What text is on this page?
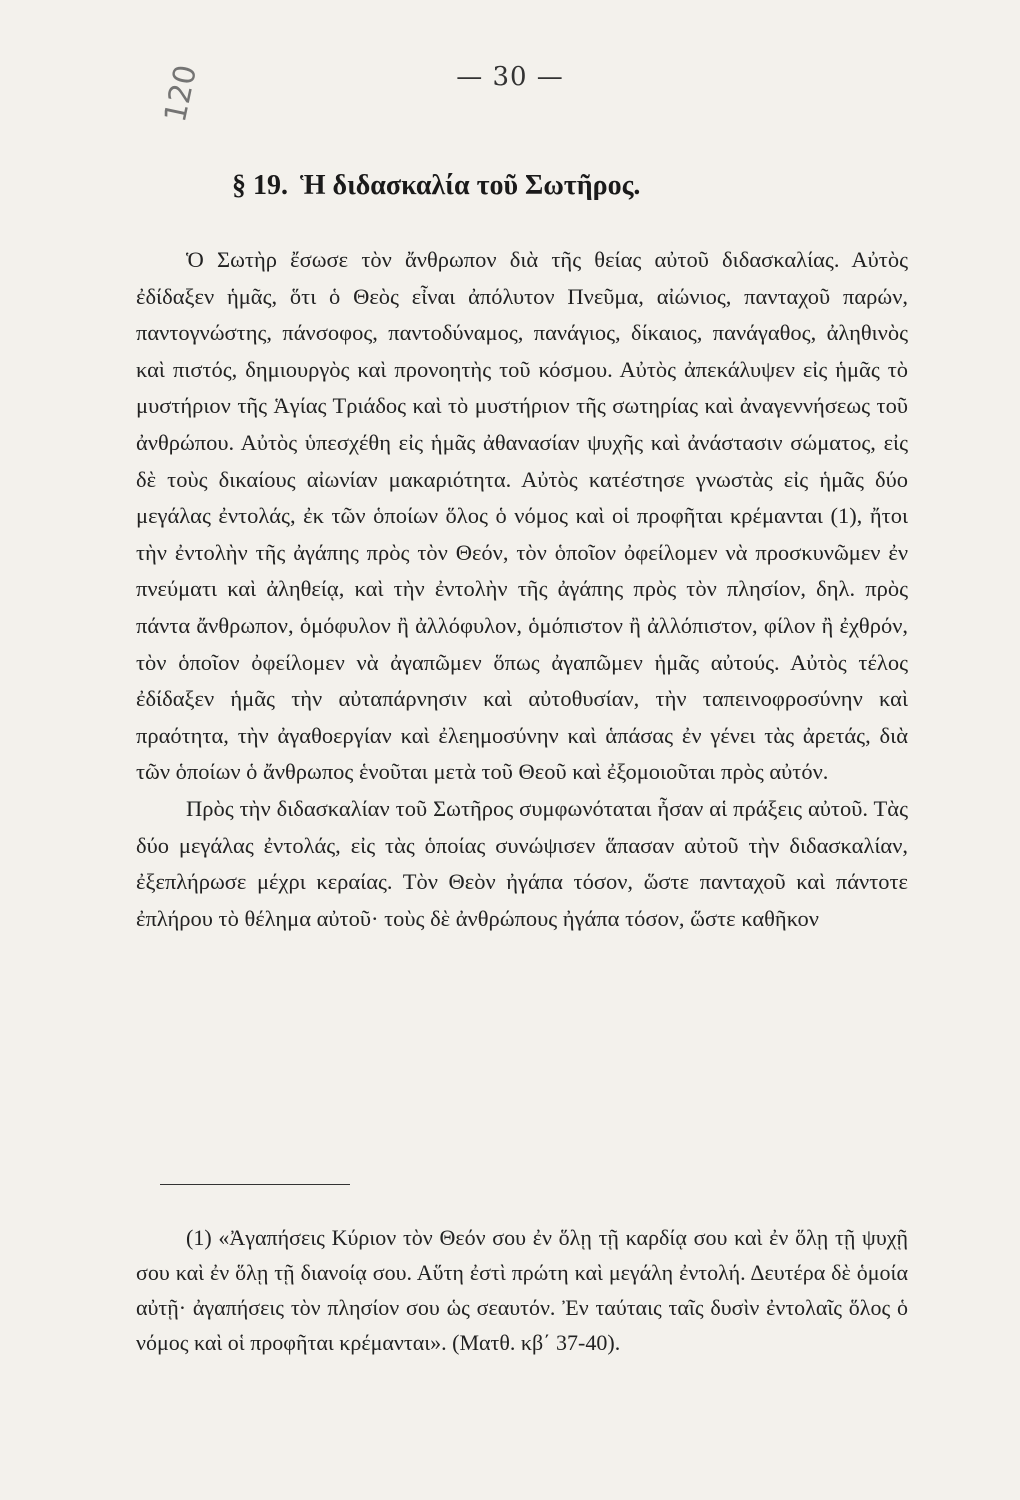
— 30 —
120
§ 19. Ἡ διδασκαλία τοῦ Σωτῆρος.

Ὁ Σωτὴρ ἔσωσε τὸν ἄνθρωπον διὰ τῆς θείας αὐτοῦ διδασκαλίας. Αὐτὸς ἐδίδαξεν ἡμᾶς, ὅτι ὁ Θεὸς εἶναι ἀπόλυτον Πνεῦμα, αἰώνιος, πανταχοῦ παρών, παντογνώστης, πάνσοφος, παντοδύναμος, πανάγιος, δίκαιος, πανάγαθος, ἀληθινὸς καὶ πιστός, δημιουργὸς καὶ προνοητὴς τοῦ κόσμου. Αὐτὸς ἀπεκάλυψεν εἰς ἡμᾶς τὸ μυστήριον τῆς Ἁγίας Τριάδος καὶ τὸ μυστήριον τῆς σωτηρίας καὶ ἀναγεννήσεως τοῦ ἀνθρώπου. Αὐτὸς ὑπεσχέθη εἰς ἡμᾶς ἀθανασίαν ψυχῆς καὶ ἀνάστασιν σώματος, εἰς δὲ τοὺς δικαίους αἰωνίαν μακαριότητα. Αὐτὸς κατέστησε γνωστὰς εἰς ἡμᾶς δύο μεγάλας ἐντολάς, ἐκ τῶν ὁποίων ὅλος ὁ νόμος καὶ οἱ προφῆται κρέμανται (1), ἤτοι τὴν ἐντολὴν τῆς ἀγάπης πρὸς τὸν Θεόν, τὸν ὁποῖον ὀφείλομεν νὰ προσκυνῶμεν ἐν πνεύματι καὶ ἀληθείᾳ, καὶ τὴν ἐντολὴν τῆς ἀγάπης πρὸς τὸν πλησίον, δηλ. πρὸς πάντα ἄνθρωπον, ὁμόφυλον ἢ ἀλλόφυλον, ὁμόπιστον ἢ ἀλλόπιστον, φίλον ἢ ἐχθρόν, τὸν ὁποῖον ὀφείλομεν νὰ ἀγαπῶμεν ὅπως ἀγαπῶμεν ἡμᾶς αὐτούς. Αὐτὸς τέλος ἐδίδαξεν ἡμᾶς τὴν αὐταπάρνησιν καὶ αὐτοθυσίαν, τὴν ταπεινοφροσύνην καὶ πραότητα, τὴν ἀγαθοεργίαν καὶ ἐλεημοσύνην καὶ ἁπάσας ἐν γένει τὰς ἀρετάς, διὰ τῶν ὁποίων ὁ ἄνθρωπος ἑνοῦται μετὰ τοῦ Θεοῦ καὶ ἐξομοιοῦται πρὸς αὐτόν.

Πρὸς τὴν διδασκαλίαν τοῦ Σωτῆρος συμφωνόταται ἦσαν αἱ πράξεις αὐτοῦ. Τὰς δύο μεγάλας ἐντολάς, εἰς τὰς ὁποίας συνώψισεν ἅπασαν αὐτοῦ τὴν διδασκαλίαν, ἐξεπλήρωσε μέχρι κεραίας. Τὸν Θεὸν ἠγάπα τόσον, ὥστε πανταχοῦ καὶ πάντοτε ἐπλήρου τὸ θέλημα αὐτοῦ· τοὺς δὲ ἀνθρώπους ἠγάπα τόσον, ὥστε καθῆκον

(1) «Ἀγαπήσεις Κύριον τὸν Θεόν σου ἐν ὅλῃ τῇ καρδίᾳ σου καὶ ἐν ὅλῃ τῇ ψυχῇ σου καὶ ἐν ὅλῃ τῇ διανοίᾳ σου. Αὕτη ἐστὶ πρώτη καὶ μεγάλη ἐντολή. Δευτέρα δὲ ὁμοία αὐτῇ· ἀγαπήσεις τὸν πλησίον σου ὡς σεαυτόν. Ἐν ταύταις ταῖς δυσὶν ἐντολαῖς ὅλος ὁ νόμος καὶ οἱ προφῆται κρέμανται». (Ματθ. κβ΄ 37-40).
